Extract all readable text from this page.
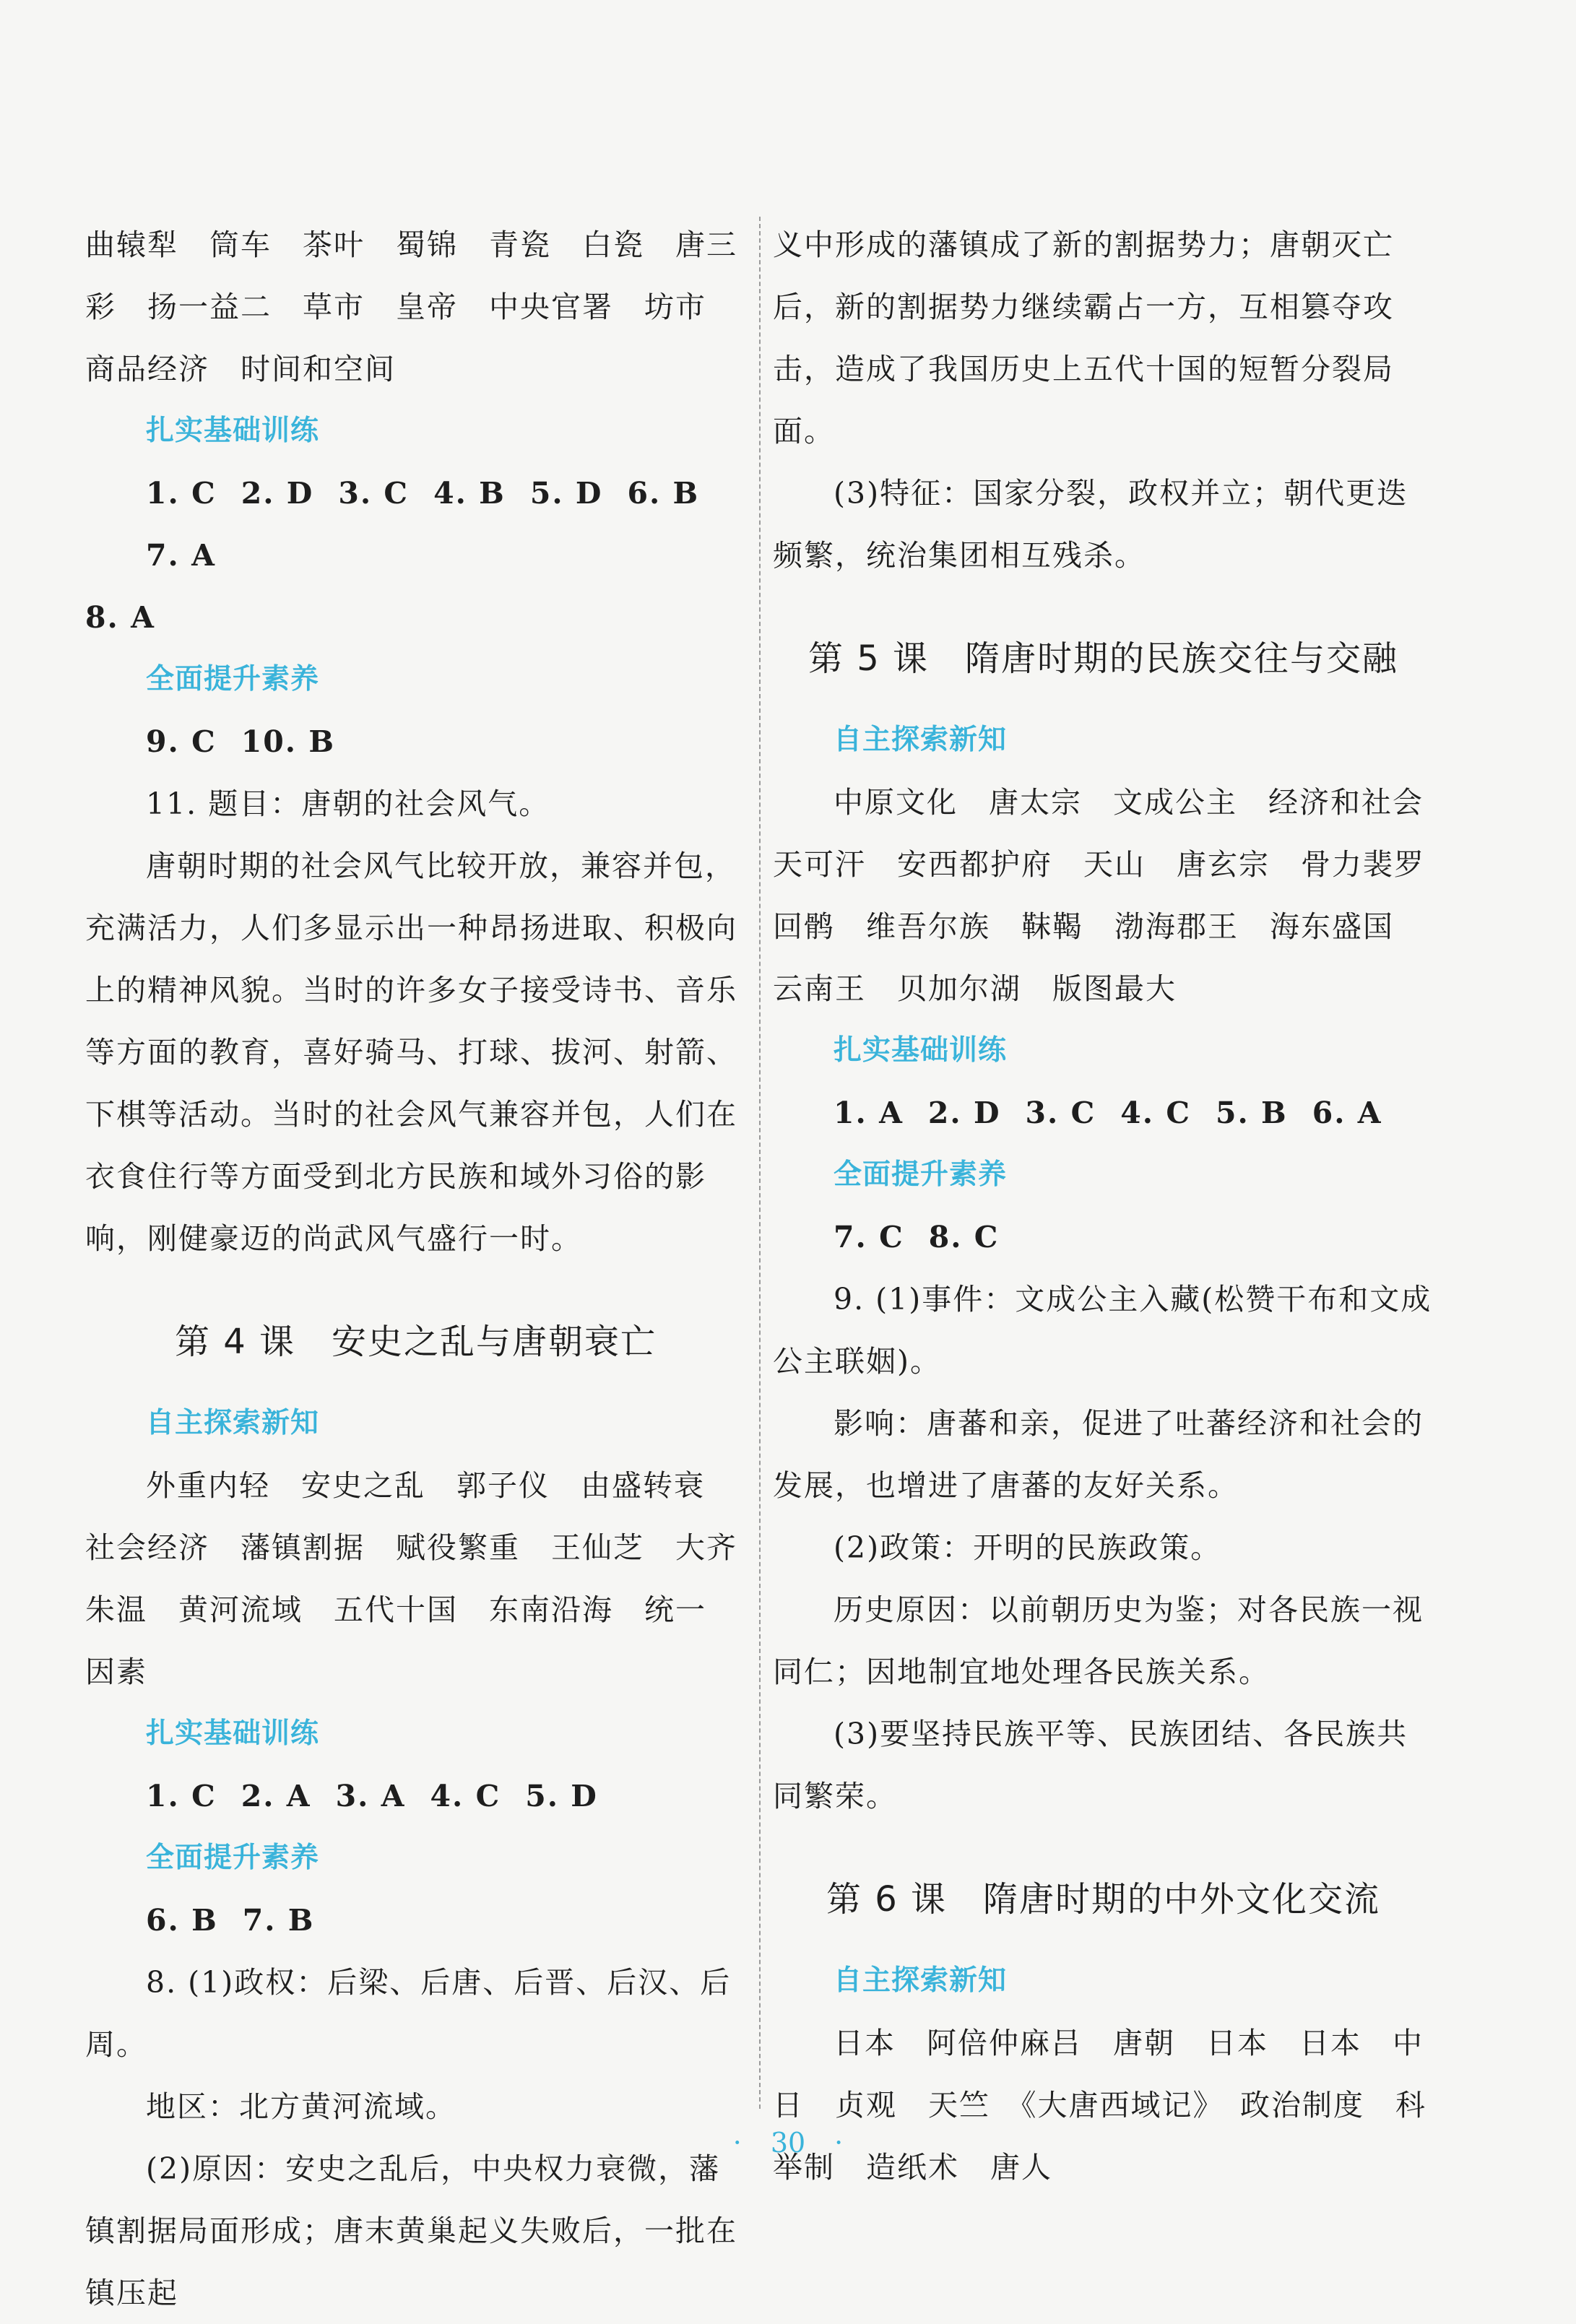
曲辕犁　筒车　茶叶　蜀锦　青瓷　白瓷　唐三

彩　扬一益二　草市　皇帝　中央官署　坊市

商品经济　时间和空间

扎实基础训练

1. C 2. D 3. C 4. B 5. D 6. B7. A

8. A

全面提升素养

9. C 10. B

11. 题目：唐朝的社会风气。

唐朝时期的社会风气比较开放，兼容并包，充满活力，人们多显示出一种昂扬进取、积极向上的精神风貌。当时的许多女子接受诗书、音乐等方面的教育，喜好骑马、打球、拔河、射箭、下棋等活动。当时的社会风气兼容并包，人们在衣食住行等方面受到北方民族和域外习俗的影响，刚健豪迈的尚武风气盛行一时。

第 4 课　安史之乱与唐朝衰亡
自主探索新知

外重内轻　安史之乱　郭子仪　由盛转衰

社会经济　藩镇割据　赋役繁重　王仙芝　大齐

朱温　黄河流域　五代十国　东南沿海　统一

因素

扎实基础训练

1. C 2. A 3. A 4. C 5. D

全面提升素养

6. B 7. B

8. (1)政权：后梁、后唐、后晋、后汉、后周。

地区：北方黄河流域。

(2)原因：安史之乱后，中央权力衰微，藩镇割据局面形成；唐末黄巢起义失败后，一批在镇压起

义中形成的藩镇成了新的割据势力；唐朝灭亡后，新的割据势力继续霸占一方，互相篡夺攻击，造成了我国历史上五代十国的短暂分裂局面。

(3)特征：国家分裂，政权并立；朝代更迭频繁，统治集团相互残杀。

第 5 课　隋唐时期的民族交往与交融
自主探索新知

中原文化　唐太宗　文成公主　经济和社会

天可汗　安西都护府　天山　唐玄宗　骨力裴罗

回鹘　维吾尔族　靺鞨　渤海郡王　海东盛国

云南王　贝加尔湖　版图最大

扎实基础训练

1. A 2. D 3. C 4. C 5. B 6. A

全面提升素养

7. C 8. C

9. (1)事件：文成公主入藏(松赞干布和文成公主联姻)。

影响：唐蕃和亲，促进了吐蕃经济和社会的发展，也增进了唐蕃的友好关系。

(2)政策：开明的民族政策。

历史原因：以前朝历史为鉴；对各民族一视同仁；因地制宜地处理各民族关系。

(3)要坚持民族平等、民族团结、各民族共同繁荣。

第 6 课　隋唐时期的中外文化交流
自主探索新知

日本　阿倍仲麻吕　唐朝　日本　日本　中

日　贞观　天竺　《大唐西域记》　政治制度　科

举制　造纸术　唐人

· 30 ·
